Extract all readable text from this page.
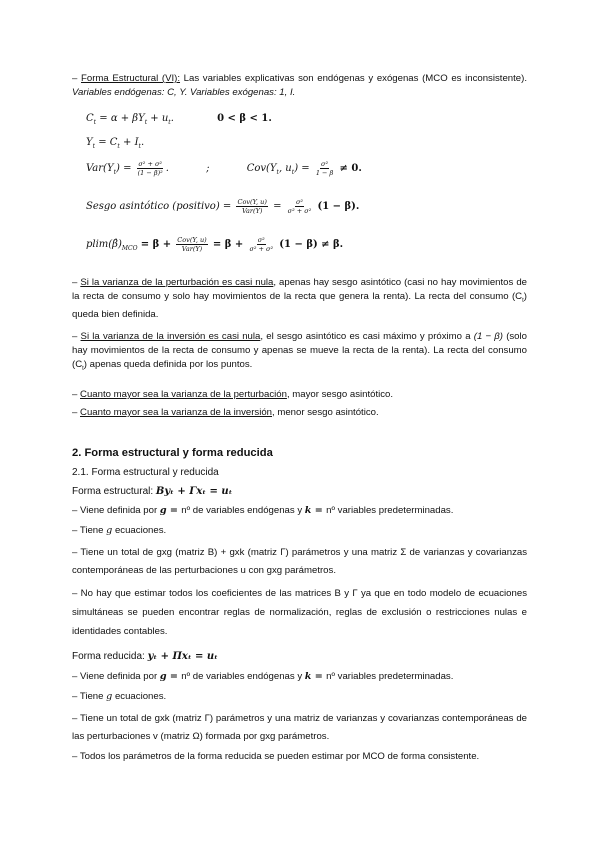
– Forma Estructural (VI): Las variables explicativas son endógenas y exógenas (MCO es inconsistente). Variables endógenas: C, Y. Variables exógenas: 1, I.
$C_t = \alpha + \beta Y_t + u_t$.	0 < β < 1.
$Y_t = C_t + I_t$.
$Var(Y_t) = \frac{\text{σ² + σ²}}{\text{(1 − β)²}}$ .	;	$Cov(Y_t$, $u_t) = \frac{\text{σ²}}{1 - \beta} \ne 0$.
Sesgo asintótico (positivo) = $\frac{\text{Cov(Y, u)}}{\text{Var(Y)}} = \frac{\text{σ²}}{\text{σ² + σ²}} (1 - \beta)$.
$plim(\betâ)_{MCO} = \beta + \frac{\text{Cov(Y, u)}}{\text{Var(Y)}} = \beta + \frac{\text{σ²}}{\text{σ² + σ²}} (1 - \beta) \ne \beta$.
– Si la varianza de la perturbación es casi nula, apenas hay sesgo asintótico (casi no hay movimientos de la recta de consumo y solo hay movimientos de la recta que genera la renta). La recta del consumo $(C_t)$ queda bien definida.
– Si la varianza de la inversión es casi nula, el sesgo asintótico es casi máximo y próximo a (1 − β) (solo hay movimientos de la recta de consumo y apenas se mueve la recta de la renta). La recta del consumo $(C_t)$ apenas queda definida por los puntos.
– Cuanto mayor sea la varianza de la perturbación, mayor sesgo asintótico.
– Cuanto mayor sea la varianza de la inversión, menor sesgo asintótico.
2. Forma estructural y forma reducida
2.1. Forma estructural y reducida
Forma estructural: Byₜ + Γxₜ = uₜ
– Viene definida por g = nº de variables endógenas y k = nº variables predeterminadas.
– Tiene g ecuaciones.
– Tiene un total de gxg (matriz B) + gxk (matriz Γ) parámetros y una matriz Σ de varianzas y covarianzas contemporáneas de las perturbaciones u con gxg parámetros.
– No hay que estimar todos los coeficientes de las matrices B y Γ ya que en todo modelo de ecuaciones simultáneas se pueden encontrar reglas de normalización, reglas de exclusión o restricciones nulas e identidades contables.
Forma reducida: yₜ + Πxₜ = uₜ
– Viene definida por g = nº de variables endógenas y k = nº variables predeterminadas.
– Tiene g ecuaciones.
– Tiene un total de gxk (matriz Γ) parámetros y una matriz de varianzas y covarianzas contemporáneas de las perturbaciones v (matriz Ω) formada por gxg parámetros.
– Todos los parámetros de la forma reducida se pueden estimar por MCO de forma consistente.
